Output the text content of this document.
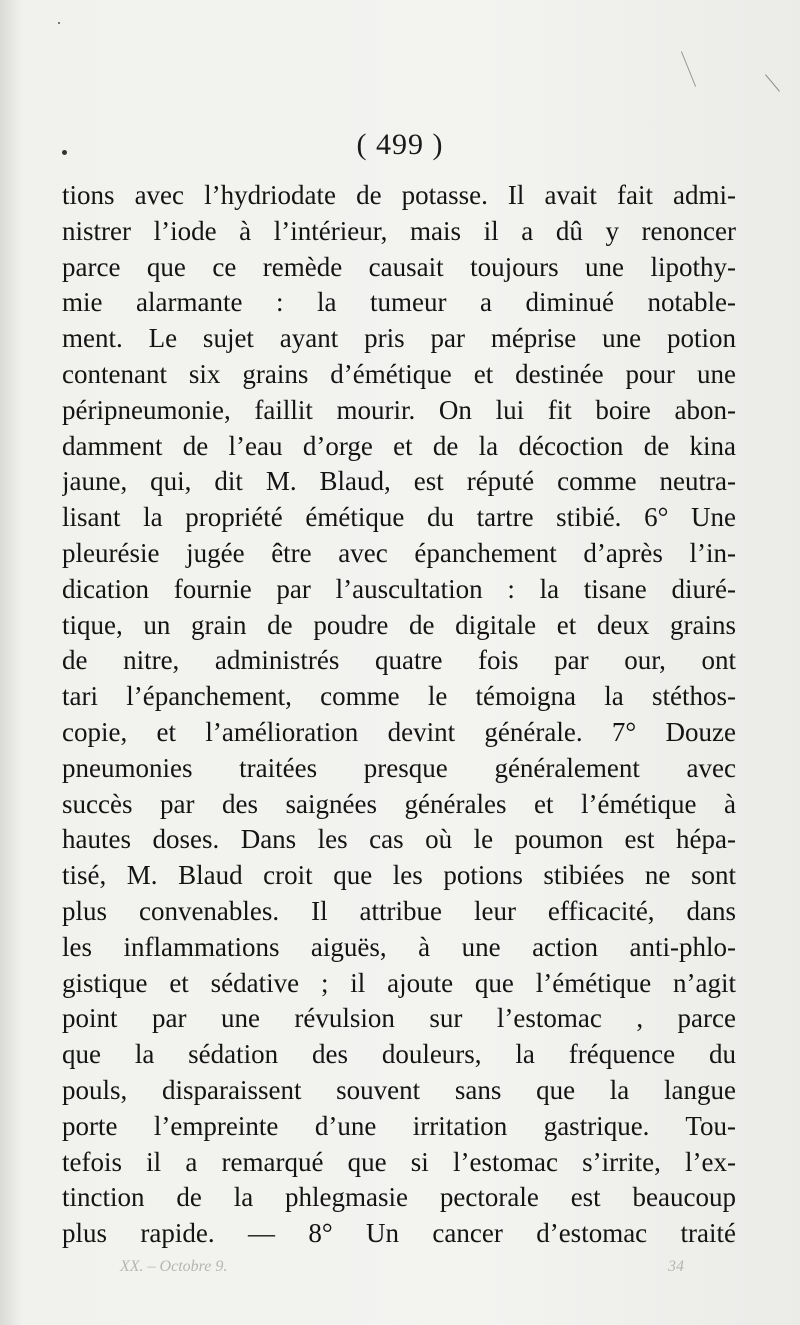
( 499 )
tions avec l’hydriodate de potasse. Il avait fait admi-
nistrer l’iode à l’intérieur, mais il a dû y renoncer
parce que ce remède causait toujours une lipothy-
mie alarmante : la tumeur a diminué notable-
ment. Le sujet ayant pris par méprise une potion
contenant six grains d’émétique et destinée pour une
péripneumonie, faillit mourir. On lui fit boire abon-
damment de l’eau d’orge et de la décoction de kina
jaune, qui, dit M. Blaud, est réputé comme neutra-
lisant la propriété émétique du tartre stibié. 6° Une
pleurésie jugée être avec épanchement d’après l’in-
dication fournie par l’auscultation : la tisane diuré-
tique, un grain de poudre de digitale et deux grains
de nitre, administrés quatre fois par our, ont
tari l’épanchement, comme le témoigna la stéthos-
copie, et l’amélioration devint générale. 7° Douze
pneumonies traitées presque généralement avec
succès par des saignées générales et l’émétique à
hautes doses. Dans les cas où le poumon est hépa-
tisé, M. Blaud croit que les potions stibiées ne sont
plus convenables. Il attribue leur efficacité, dans
les inflammations aiguës, à une action anti-phlo-
gistique et sédative ; il ajoute que l’émétique n’agit
point par une révulsion sur l’estomac , parce
que la sédation des douleurs, la fréquence du
pouls, disparaissent souvent sans que la langue
porte l’empreinte d’une irritation gastrique. Tou-
tefois il a remarqué que si l’estomac s’irrite, l’ex-
tinction de la phlegmasie pectorale est beaucoup
plus rapide. — 8° Un cancer d’estomac traité
XX. – Octobre 9.	34
